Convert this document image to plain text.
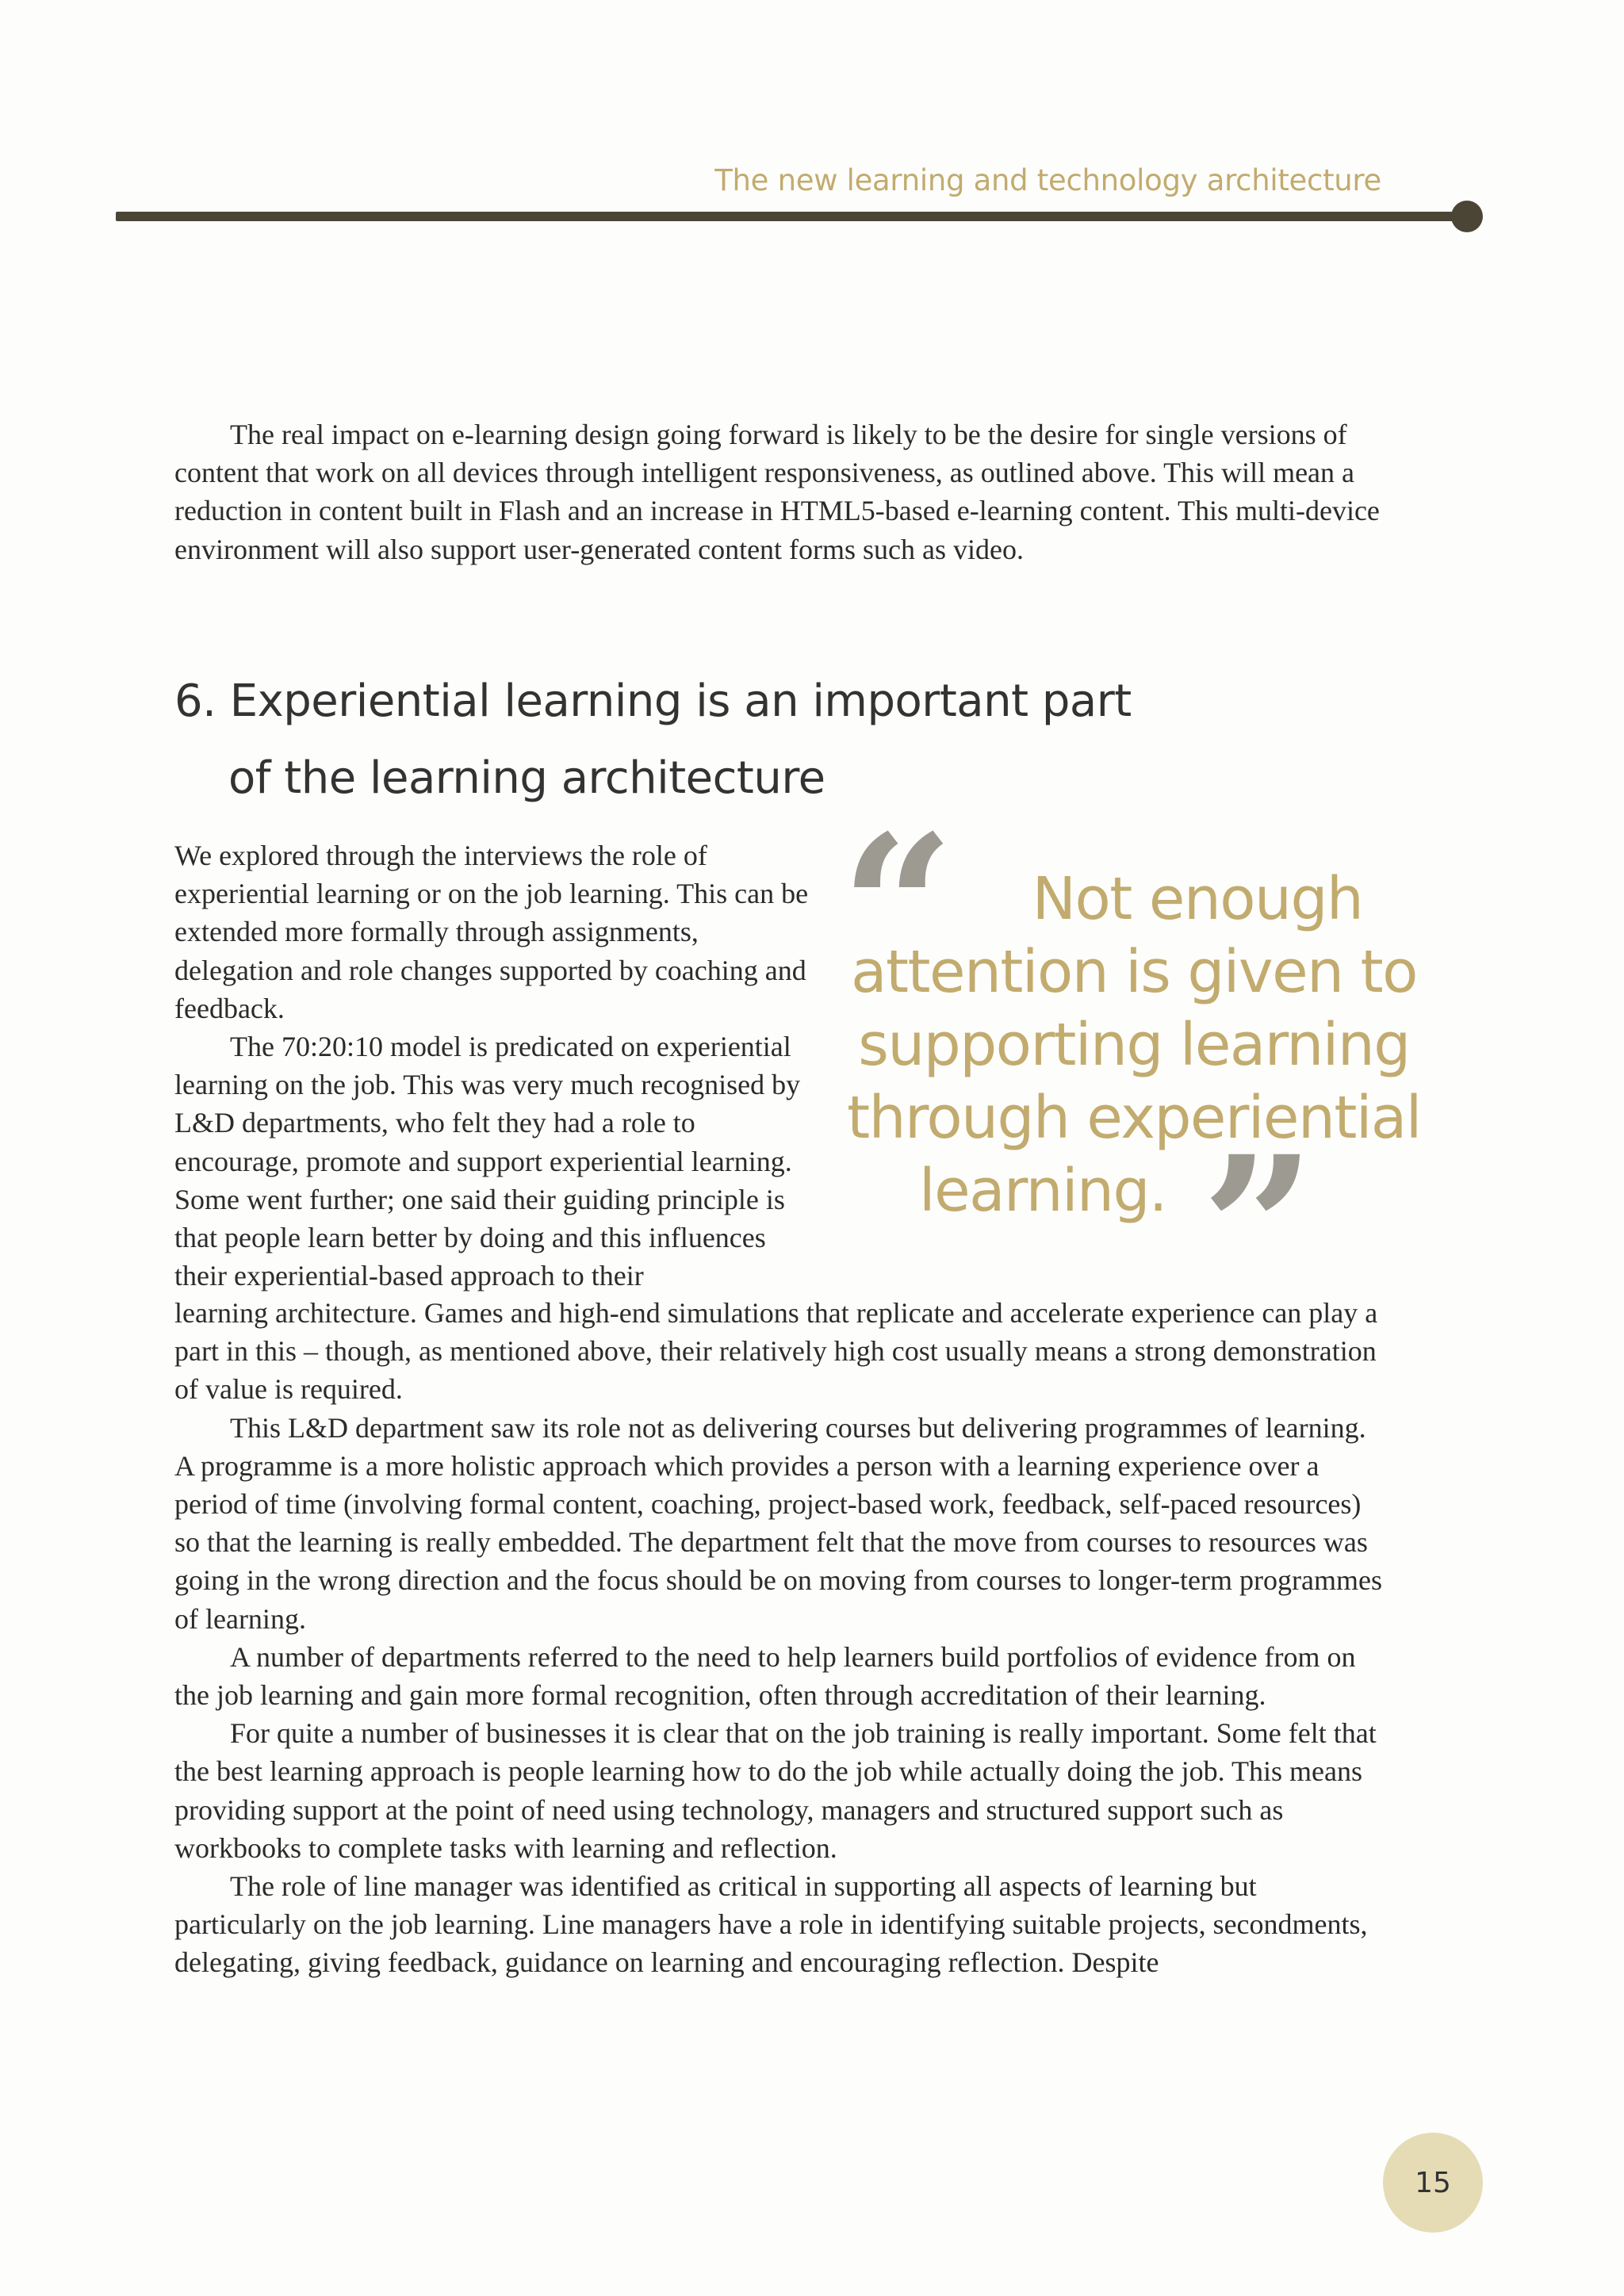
The new learning and technology architecture

The real impact on e-learning design going forward is likely to be the desire for single versions of content that work on all devices through intelligent responsiveness, as outlined above. This will mean a reduction in content built in Flash and an increase in HTML5-based e-learning content. This multi-device environment will also support user-generated content forms such as video.

6. Experiential learning is an important part
of the learning architecture

We explored through the interviews the role of experiential learning or on the job learning. This can be extended more formally through assignments, delegation and role changes supported by coaching and feedback.

The 70:20:10 model is predicated on experiential learning on the job. This was very much recognised by L&D departments, who felt they had a role to encourage, promote and support experiential learning. Some went further; one said their guiding principle is that people learn better by doing and this influences their experiential-based approach to their

“	Not enough
attention is given to
supporting learning
through experiential
learning. ”

learning architecture. Games and high-end simulations that replicate and accelerate experience can play a part in this – though, as mentioned above, their relatively high cost usually means a strong demonstration of value is required.

This L&D department saw its role not as delivering courses but delivering programmes of learning. A programme is a more holistic approach which provides a person with a learning experience over a period of time (involving formal content, coaching, project-based work, feedback, self-paced resources) so that the learning is really embedded. The department felt that the move from courses to resources was going in the wrong direction and the focus should be on moving from courses to longer-term programmes of learning.

A number of departments referred to the need to help learners build portfolios of evidence from on the job learning and gain more formal recognition, often through accreditation of their learning.

For quite a number of businesses it is clear that on the job training is really important. Some felt that the best learning approach is people learning how to do the job while actually doing the job. This means providing support at the point of need using technology, managers and structured support such as workbooks to complete tasks with learning and reflection.

The role of line manager was identified as critical in supporting all aspects of learning but particularly on the job learning. Line managers have a role in identifying suitable projects, secondments, delegating, giving feedback, guidance on learning and encouraging reflection. Despite

15
